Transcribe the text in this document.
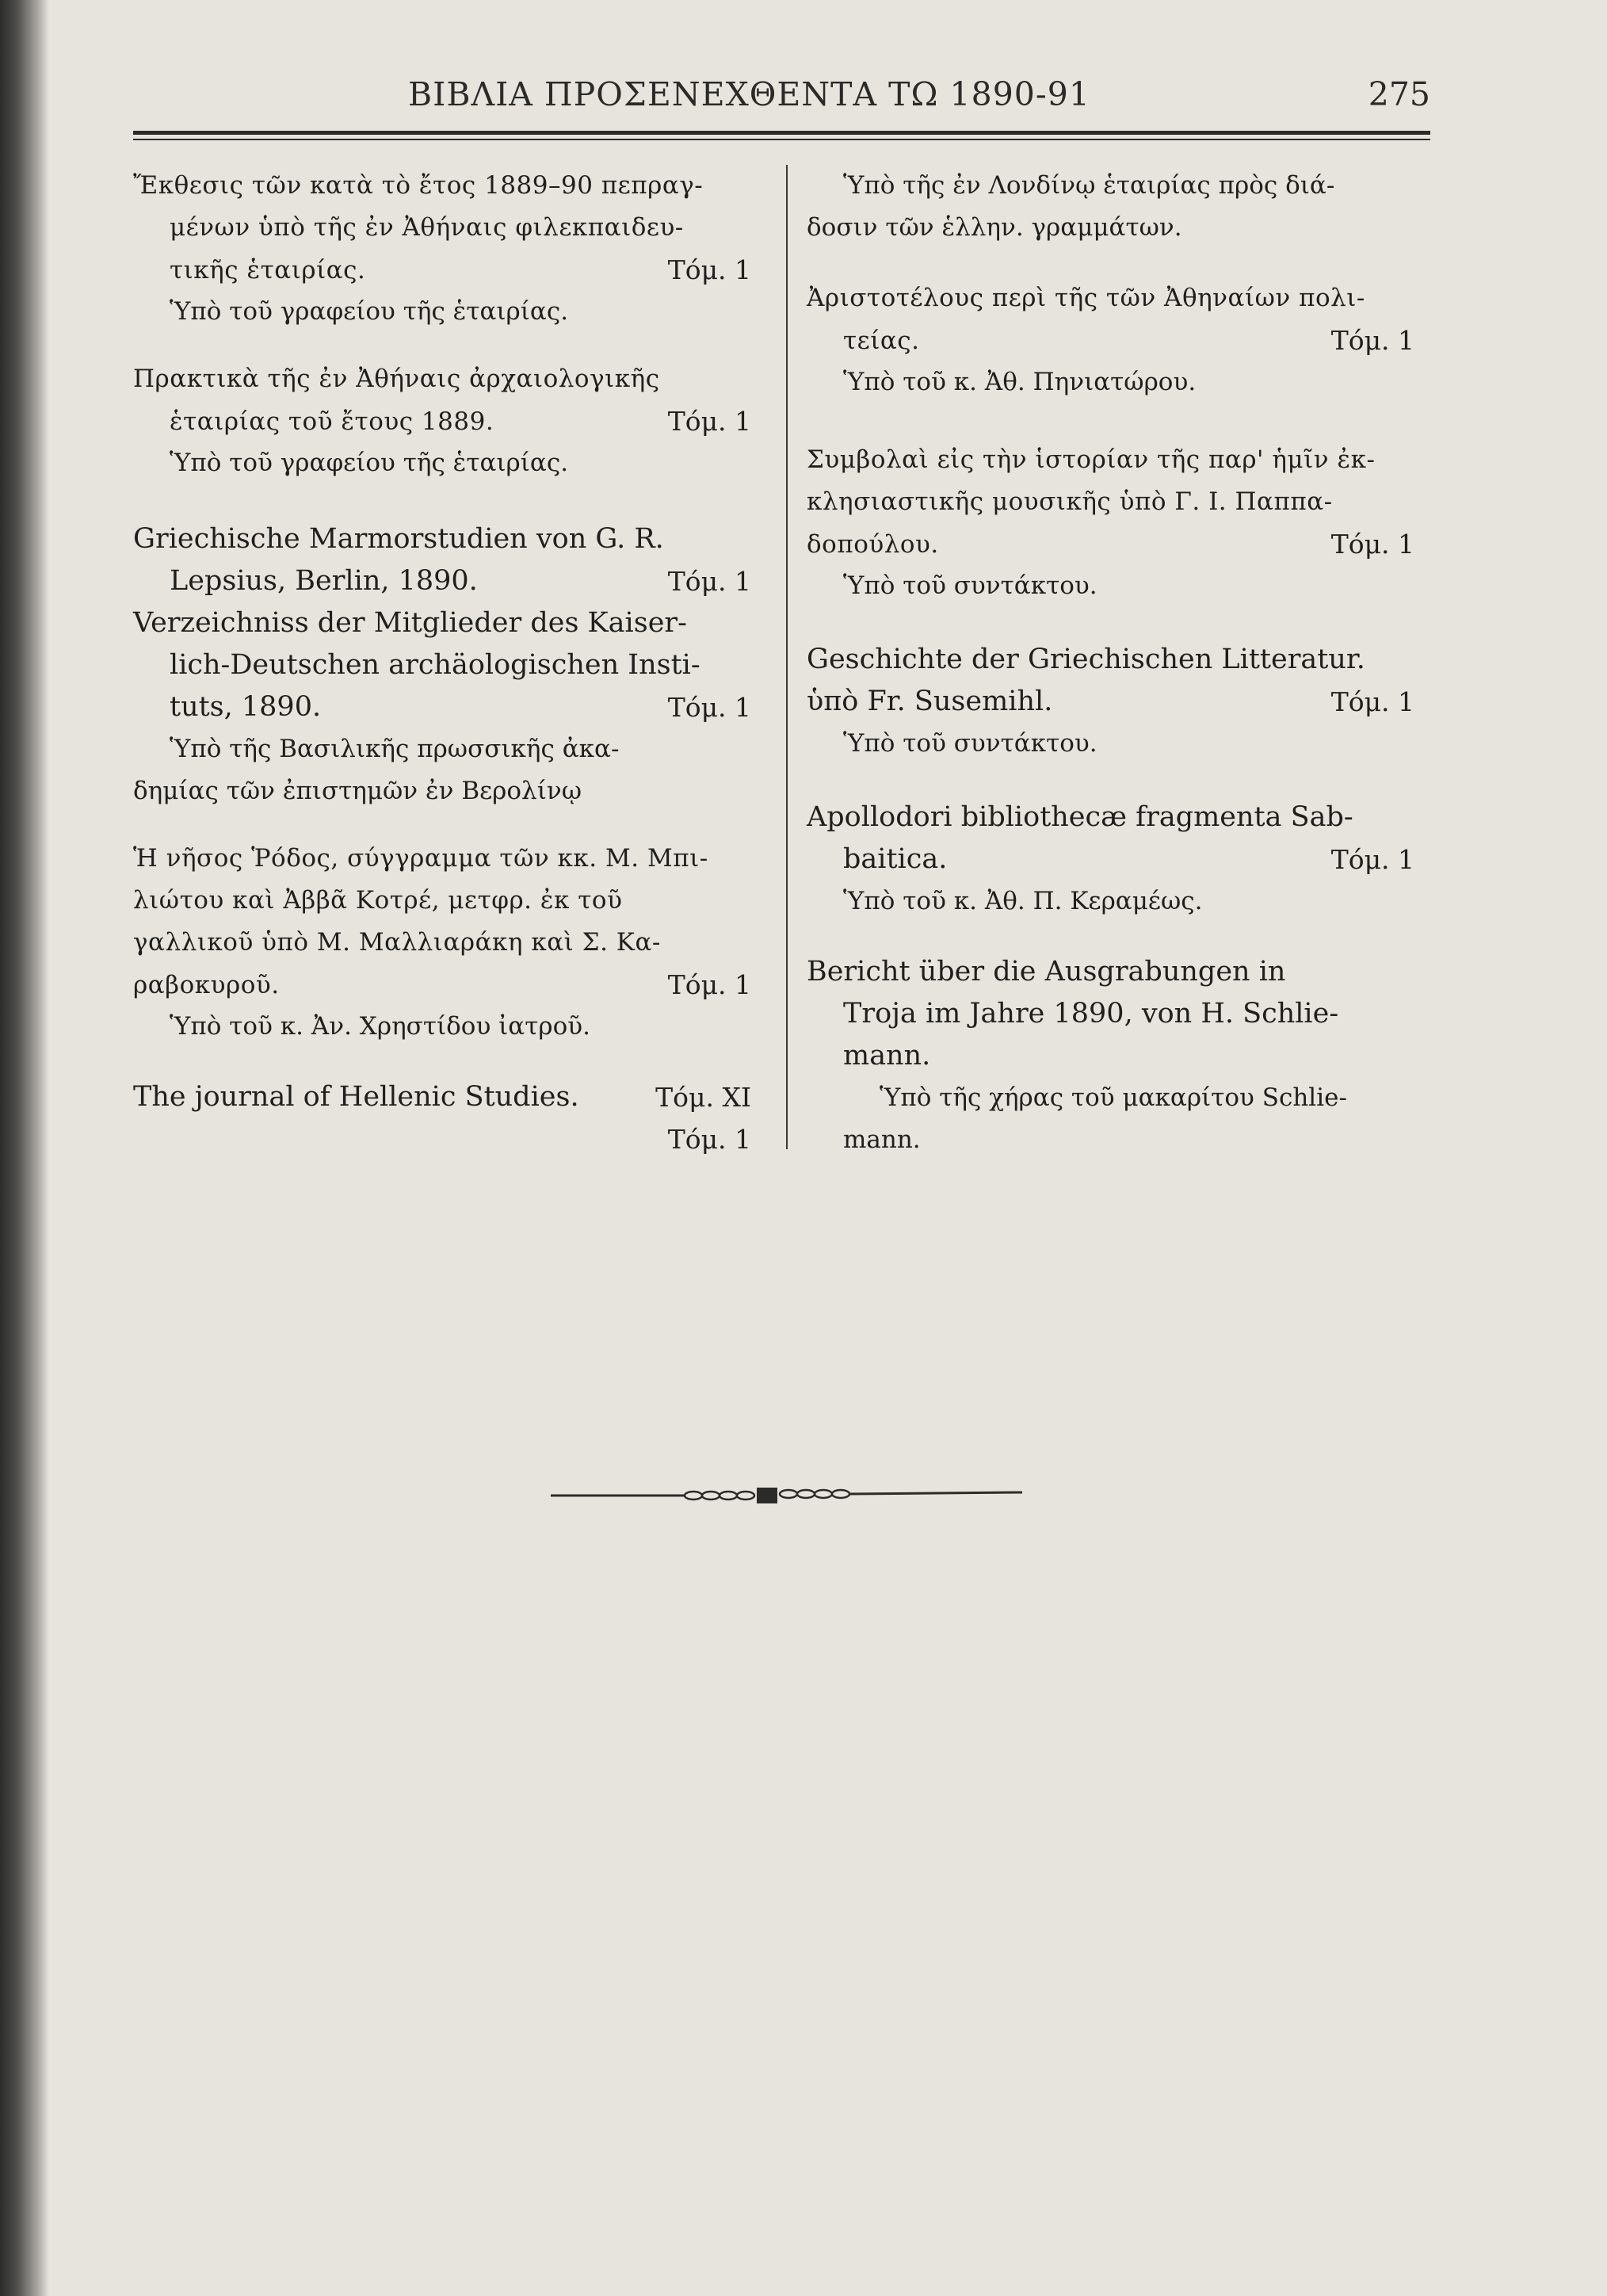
ΒΙΒΛΙΑ ΠΡΟΣΕΝΕΧΘΕΝΤΑ ΤΩ 1890-91	275

Ἔκθεσις τῶν κατὰ τὸ ἔτος 1889–90 πεπραγ-
μένων ὑπὸ τῆς ἐν Ἀθήναις φιλεκπαιδευ-
τικῆς ἑταιρίας.	Τόμ. 1

Ὑπὸ τοῦ γραφείου τῆς ἑταιρίας.

Πρακτικὰ τῆς ἐν Ἀθήναις ἀρχαιολογικῆς
ἑταιρίας τοῦ ἔτους 1889.	Τόμ. 1

Ὑπὸ τοῦ γραφείου τῆς ἑταιρίας.

Griechische Marmorstudien von G. R.
Lepsius, Berlin, 1890.	Τόμ. 1

Verzeichniss der Mitglieder des Kaiser-
lich-Deutschen archäologischen Insti-
tuts, 1890.	Τόμ. 1

Ὑπὸ τῆς Βασιλικῆς πρωσσικῆς ἀκα-
δημίας τῶν ἐπιστημῶν ἐν Βερολίνῳ

Ἡ νῆσος Ῥόδος, σύγγραμμα τῶν κκ. Μ. Μπι-
λιώτου καὶ Ἀββᾶ Κοτρέ, μετφρ. ἐκ τοῦ
γαλλικοῦ ὑπὸ Μ. Μαλλιαράκη καὶ Σ. Κα-
ραβοκυροῦ.	Τόμ. 1

Ὑπὸ τοῦ κ. Ἀν. Χρηστίδου ἰατροῦ.

The journal of Hellenic Studies.	Τόμ. XI
Τόμ. 1

Ὑπὸ τῆς ἐν Λονδίνῳ ἑταιρίας πρὸς διά-
δοσιν τῶν ἑλλην. γραμμάτων.

Ἀριστοτέλους περὶ τῆς τῶν Ἀθηναίων πολι-
τείας.	Τόμ. 1

Ὑπὸ τοῦ κ. Ἀθ. Πηνιατώρου.

Συμβολαὶ εἰς τὴν ἱστορίαν τῆς παρ' ἡμῖν ἐκ-
κλησιαστικῆς μουσικῆς ὑπὸ Γ. Ι. Παππα-
δοπούλου.	Τόμ. 1

Ὑπὸ τοῦ συντάκτου.

Geschichte der Griechischen Litteratur.
ὑπὸ Fr. Susemihl.	Τόμ. 1

Ὑπὸ τοῦ συντάκτου.

Apollodori bibliothecæ fragmenta Sab-
baitica.	Τόμ. 1

Ὑπὸ τοῦ κ. Ἀθ. Π. Κεραμέως.

Bericht über die Ausgrabungen in
Troja im Jahre 1890, von H. Schlie-
mann.

Ὑπὸ τῆς χήρας τοῦ μακαρίτου Schlie-
mann.
